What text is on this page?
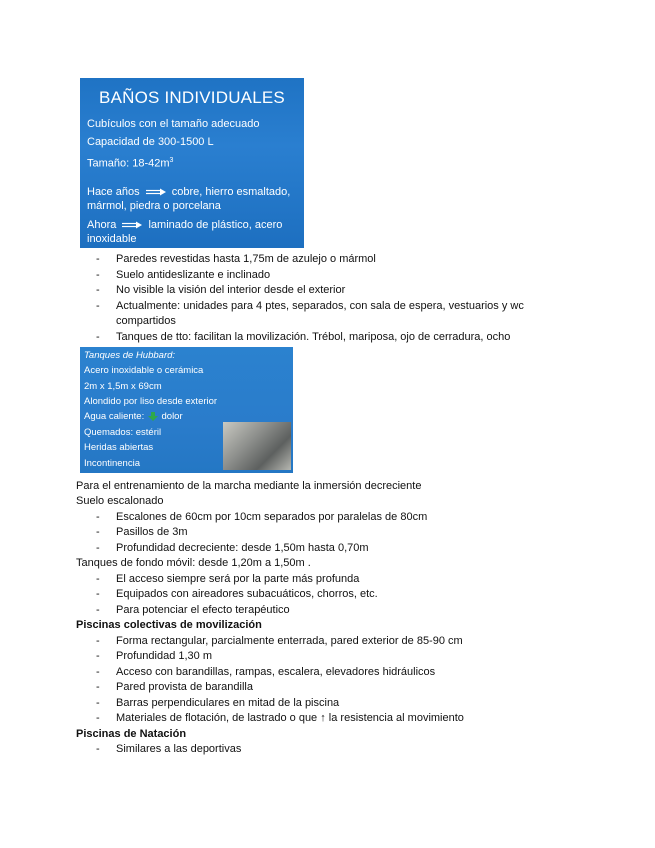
BAÑOS INDIVIDUALES
Cubículos con el tamaño adecuado
Capacidad de 300-1500 L
Tamaño: $18-42m^3$
Hace años	cobre, hierro esmaltado,
mármol, piedra o porcelana
Ahora	laminado de plástico, acero
inoxidable
- Paredes revestidas hasta 1,75m de azulejo o mármol
- Suelo antideslizante e inclinado
- No visible la visión del interior desde el exterior
- Actualmente: unidades para 4 ptes, separados, con sala de espera, vestuarios y wc
compartidos
- Tanques de tto: facilitan la movilización. Trébol, mariposa, ojo de cerradura, ocho
Tanques de Hubbard:
Acero inoxidable o cerámica
2m x 1,5m x 69cm
Alondido por liso desde exterior
Agua caliente: dolor
Quemados: estéril
Heridas abiertas
Incontinencia
Para el entrenamiento de la marcha mediante la inmersión decreciente
Suelo escalonado
- Escalones de 60cm por 10cm separados por paralelas de 80cm
- Pasillos de 3m
- Profundidad decreciente: desde 1,50m hasta 0,70m
Tanques de fondo móvil: desde 1,20m a 1,50m .
- El acceso siempre será por la parte más profunda
- Equipados con aireadores subacuáticos, chorros, etc.
- Para potenciar el efecto terapéutico
Piscinas colectivas de movilización
- Forma rectangular, parcialmente enterrada, pared exterior de 85-90 cm
- Profundidad 1,30 m
- Acceso con barandillas, rampas, escalera, elevadores hidráulicos
- Pared provista de barandilla
- Barras perpendiculares en mitad de la piscina
- Materiales de flotación, de lastrado o que ↑ la resistencia al movimiento
Piscinas de Natación
- Similares a las deportivas
